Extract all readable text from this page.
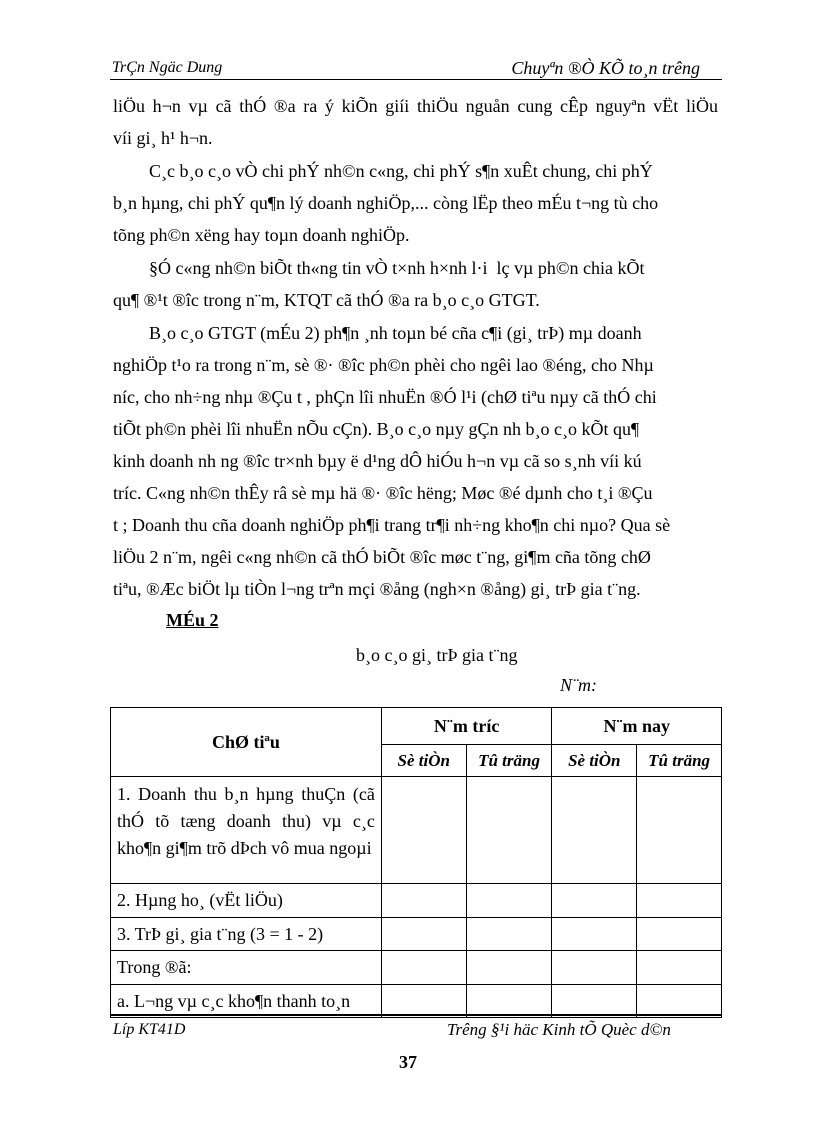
TrÇn Ngäc Dung	Chuyªn ®Ò KÕ to¸n trêng
liÖu h¬n vµ cã thÓ ®a ra ý kiÕn giíi thiÖu nguån cung cÊp nguyªn vËt liÖu
víi gi¸ h¹ h¬n.
C¸c b¸o c¸o vÒ chi phÝ nh©n c«ng, chi phÝ s¶n xuÊt chung, chi phÝ
b¸n hµng, chi phÝ qu¶n lý doanh nghiÖp,... còng lËp theo mÉu t¬ng tù cho
tõng ph©n xëng hay toµn doanh nghiÖp.
§Ó c«ng nh©n biÕt th«ng tin vÒ t×nh h×nh l·i  lç vµ ph©n chia kÕt
qu¶ ®¹t ®îc trong n¨m, KTQT cã thÓ ®a ra b¸o c¸o GTGT.
B¸o c¸o GTGT (mÉu 2) ph¶n ¸nh toµn bé cña c¶i (gi¸ trÞ) mµ doanh
nghiÖp t¹o ra trong n¨m, sè ®· ®îc ph©n phèi cho ngêi lao ®éng, cho Nhµ
níc, cho nh÷ng nhµ ®Çu t , phÇn lîi nhuËn ®Ó l¹i (chØ tiªu nµy cã thÓ chi
tiÕt ph©n phèi lîi nhuËn nÕu cÇn). B¸o c¸o nµy gÇn nh b¸o c¸o kÕt qu¶
kinh doanh nh ng ®îc tr×nh bµy ë d¹ng dÔ hiÓu h¬n vµ cã so s¸nh víi kú
tríc. C«ng nh©n thÊy râ sè mµ hä ®· ®îc hëng; Møc ®é dµnh cho t¸i ®Çu
t ; Doanh thu cña doanh nghiÖp ph¶i trang tr¶i nh÷ng kho¶n chi nµo? Qua sè
liÖu 2 n¨m, ngêi c«ng nh©n cã thÓ biÕt ®îc møc t¨ng, gi¶m cña tõng chØ
tiªu, ®Æc biÖt lµ tiÒn l¬ng trªn mçi ®ång (ngh×n ®ång) gi¸ trÞ gia t¨ng.
MÉu 2
b¸o c¸o gi¸ trÞ gia t¨ng
N¨m:
ChØ tiªu	N¨m tríc		N¨m nay	
	Sè tiÒn	Tû träng	Sè tiÒn	Tû träng
1. Doanh thu b¸n hµng thuÇn (cã thÓ tõ tæng doanh thu) vµ c¸c kho¶n gi¶m trõ dÞch vô mua ngoµi				
2. Hµng ho¸ (vËt liÖu)				
3. TrÞ gi¸ gia t¨ng (3 = 1 - 2)				
Trong ®ã:				
a. L¬ng vµ c¸c kho¶n thanh to¸n				
Líp KT41D	Trêng §¹i häc Kinh tÕ Quèc d©n
37
